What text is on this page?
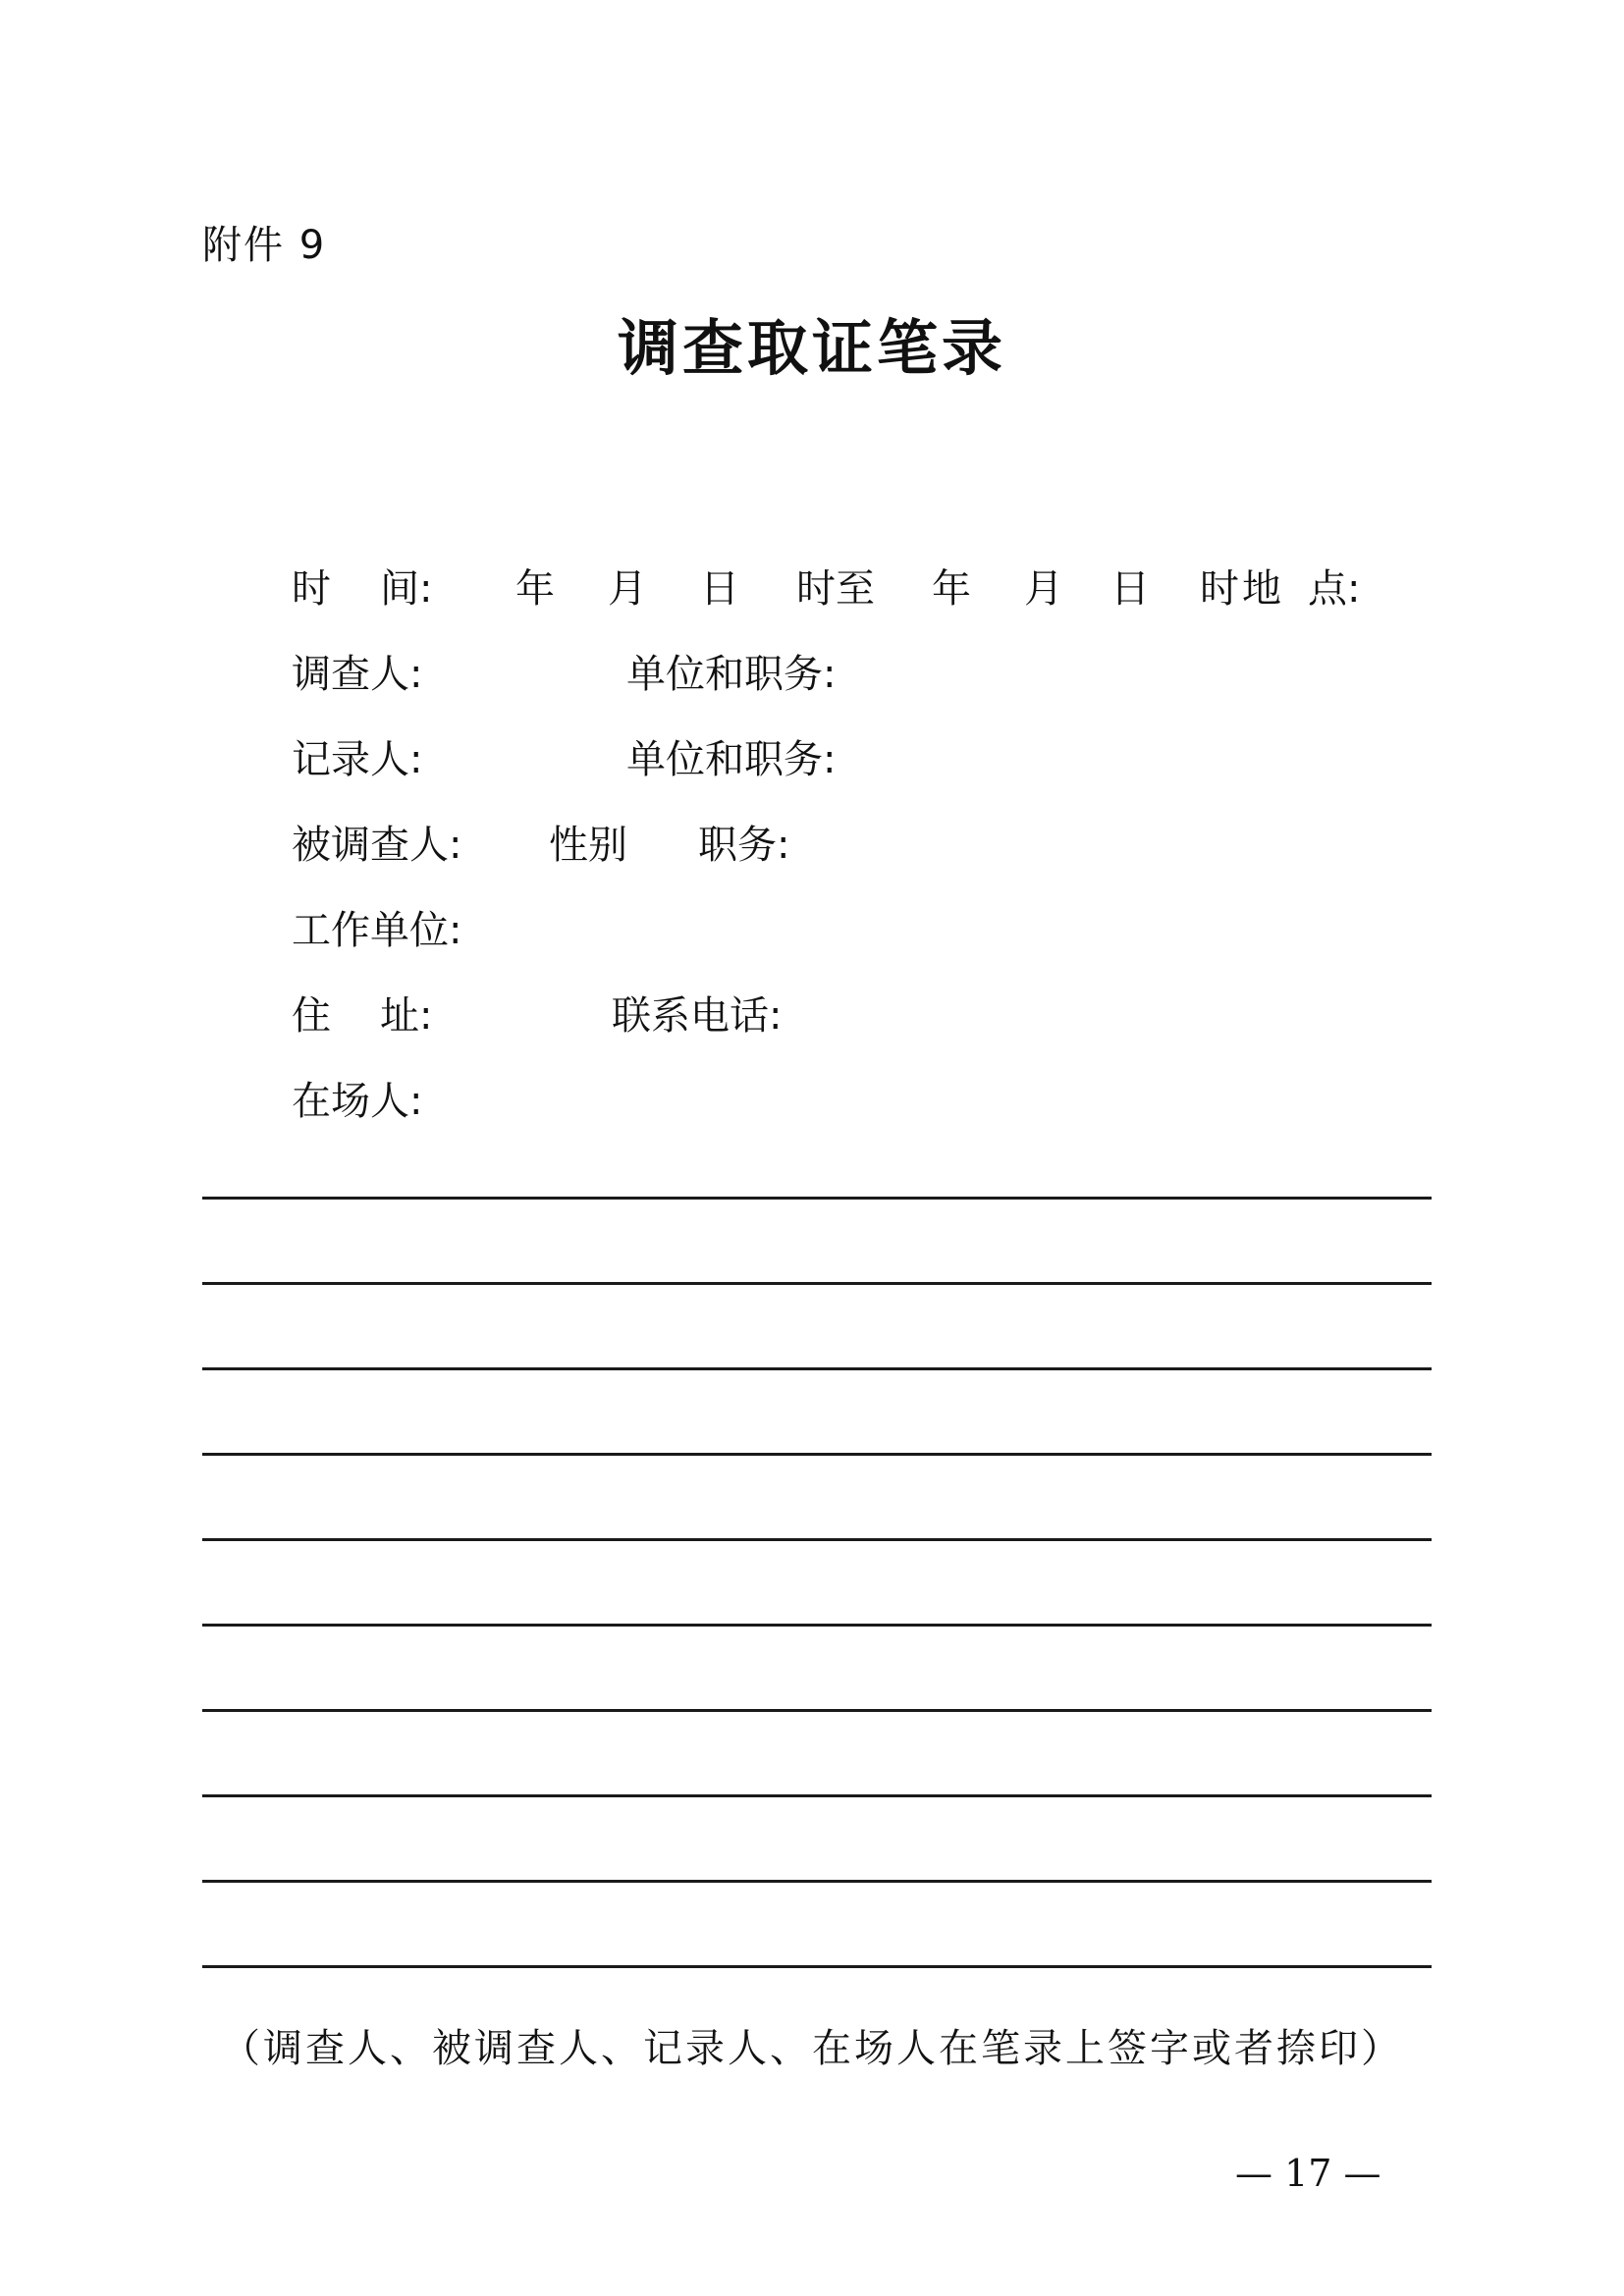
附件 9
调查取证笔录
时 间: 年 月 日 时至 年 月 日 时 地 点:
调查人:	单位和职务:
记录人:	单位和职务:
被调查人: 性别 职务:
工作单位:
住 址:	联系电话:
在场人:
（调查人、被调查人、记录人、在场人在笔录上签字或者捺印）
— 17 —
